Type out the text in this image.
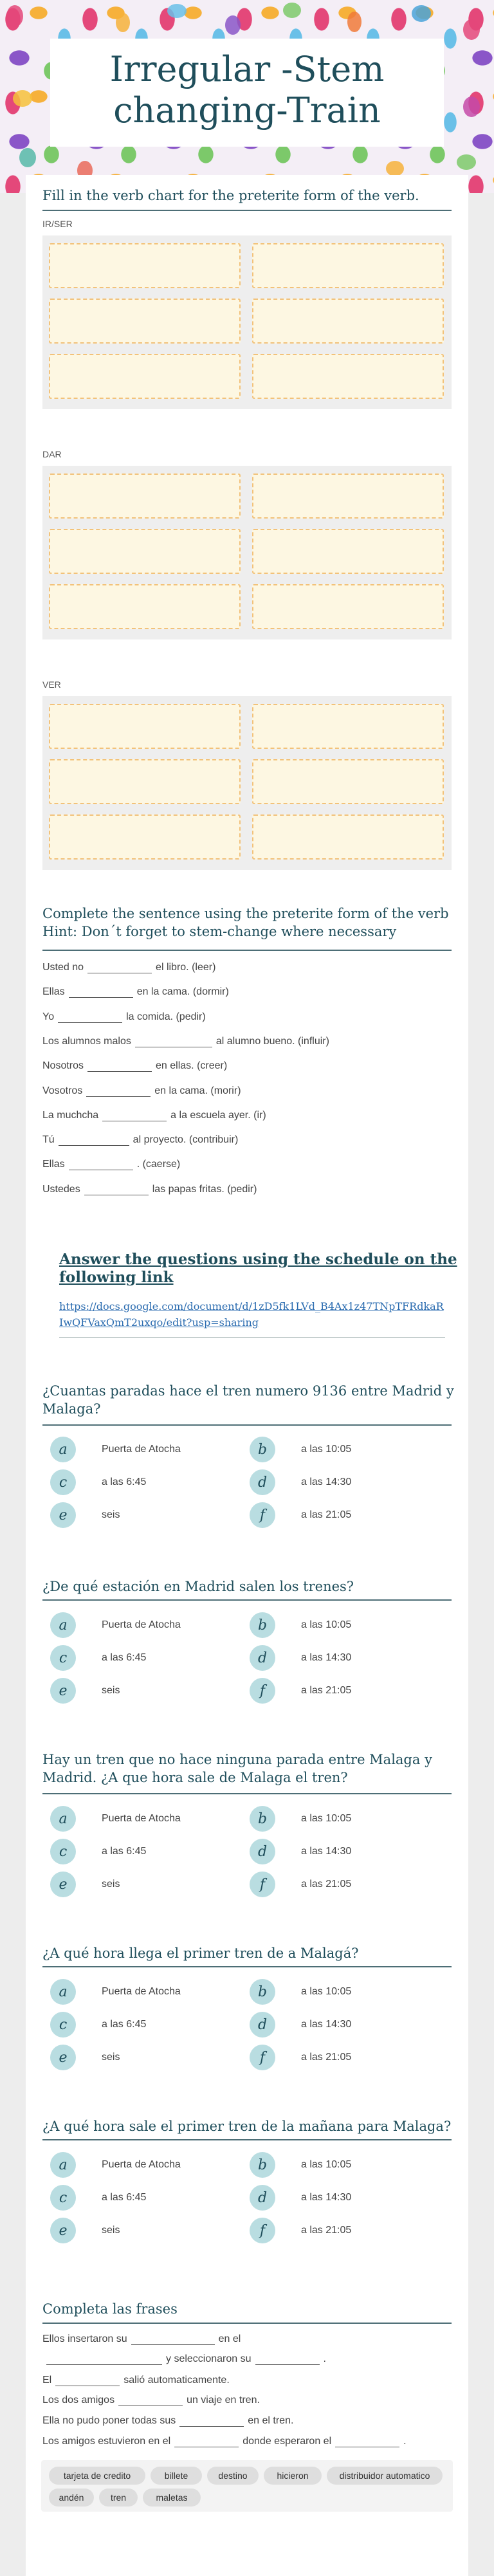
Irregular -Stem changing-Train
Fill in the verb chart for the preterite form of the verb.
IR/SER
DAR
VER
Complete the sentence using the preterite form of the verb Hint: Don´t forget to stem-change where necessary
Usted no	el libro. (leer)
Ellas	en la cama. (dormir)
Yo	la comida. (pedir)
Los alumnos malos	al alumno bueno. (influir)
Nosotros	en ellas. (creer)
Vosotros	en la cama. (morir)
La muchcha	a la escuela ayer. (ir)
Tú	al proyecto. (contribuir)
Ellas	. (caerse)
Ustedes	las papas fritas. (pedir)
Answer the questions using the schedule on the following link
https://docs.google.com/document/d/1zD5fk1LVd_B4Ax1z47TNpTFRdkaRIwQFVaxQmT2uxqo/edit?usp=sharing
¿Cuantas paradas hace el tren numero 9136 entre Madrid y Malaga?
a	Puerta de Atocha	b	a las 10:05
c	a las 6:45	d	a las 14:30
e	seis	f	a las 21:05
¿De qué estación en Madrid salen los trenes?
a	Puerta de Atocha	b	a las 10:05
c	a las 6:45	d	a las 14:30
e	seis	f	a las 21:05
Hay un tren que no hace ninguna parada entre Malaga y Madrid. ¿A que hora sale de Malaga el tren?
a	Puerta de Atocha	b	a las 10:05
c	a las 6:45	d	a las 14:30
e	seis	f	a las 21:05
¿A qué hora llega el primer tren de a Malagá?
a	Puerta de Atocha	b	a las 10:05
c	a las 6:45	d	a las 14:30
e	seis	f	a las 21:05
¿A qué hora sale el primer tren de la mañana para Malaga?
a	Puerta de Atocha	b	a las 10:05
c	a las 6:45	d	a las 14:30
e	seis	f	a las 21:05
Completa las frases
Ellos insertaron su	en el
y seleccionaron su	.
El	salió automaticamente.
Los dos amigos	un viaje en tren.
Ella no pudo poner todas sus	en el tren.
Los amigos estuvieron en el	donde esperaron el	.
tarjeta de credito	billete	destino	hicieron	distribuidor automatico
andén	tren	maletas
